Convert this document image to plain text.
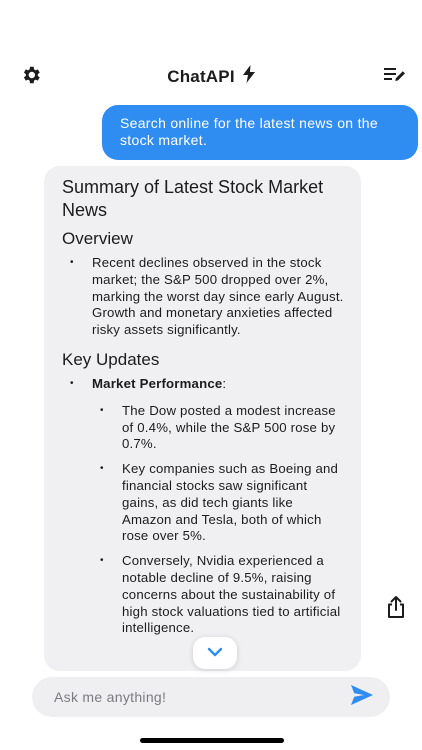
ChatAPI
Search online for the latest news on the stock market.
Summary of Latest Stock Market News
Overview
•	Recent declines observed in the stock market; the S&P 500 dropped over 2%, marking the worst day since early August. Growth and monetary anxieties affected risky assets significantly.
Key Updates
•	Market Performance:
•	The Dow posted a modest increase of 0.4%, while the S&P 500 rose by 0.7%.
•	Key companies such as Boeing and financial stocks saw significant gains, as did tech giants like Amazon and Tesla, both of which rose over 5%.
•	Conversely, Nvidia experienced a notable decline of 9.5%, raising concerns about the sustainability of high stock valuations tied to artificial intelligence.
Ask me anything!
